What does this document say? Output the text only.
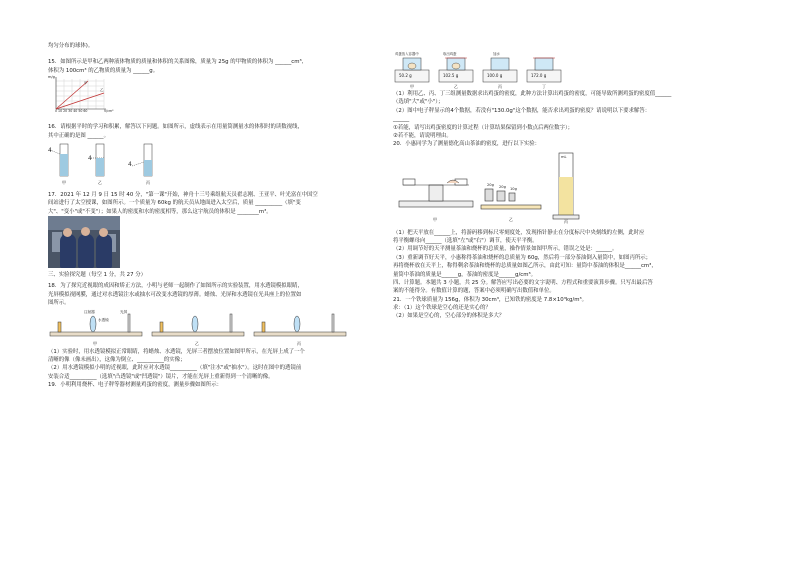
均匀分布的球体)。

15．如图所示是甲和乙两种液体物质的质量和体积的关系图像，质量为 25g 的甲物质的体积为 ______cm³,

体积为 100cm³ 的乙物质的质量为 ______g。

甲
乙
m/g
0 10 20 30 40 50 60	V/cm³

16．请根据平时的学习和积累，解答以下问题。如图所示，虚线表示在用量筒测量水的体积时的读数视线，

其中正确的是图 ______。

4
4
4
甲	乙	丙

17．2021 年 12 月 9 日 15 时 40 分，"第一课"开始，神舟十三号乘组航天员翟志刚、王亚平、叶光富在中国空

间站进行了太空授课，如图所示。一个质量为 60kg 的航天员从地面进入太空后，质量 __________（填"变

大"、"变小"或"不变"）；如果人的密度和水的密度相等，那么这宇航员的体积是 ________m³。

三、实验探究题（每空 1 分，共 27 分）

18．为了探究近视眼的成因和矫正方法，小明与老师一起制作了如图所示的实验装置，用水透镜模拟眼睛，

光屏模拟视网膜，通过对水透镜注水或抽水可改变水透镜的厚薄。蜡烛、光屏和水透镜在光具座上的位置如

图所示。

注射器	光屏
水透镜
甲	乙	丙

（1）实验时，用水透镜模拟正常眼睛，将蜡烛、水透镜，光屏三者摆放位置如图甲所示，在光屏上成了一个

清晰的像（像未画出），这像为倒立、__________的实像；

（2）用水透镜模拟小明的近视眼，此时应对水透镜__________（填"注水"或"抽水"）。这时在图中的透镜前

安装合适__________（选填"凸透镜"或"凹透镜"）镜片，才能在光屏上重新得到一个清晰的像。

19．小明利用烧杯、电子秤等器材测量鸡蛋的密度，测量步骤如图所示：

50.2 g	102.5 g	100.0 g	172.0 g
鸡蛋放入容器中	取出鸡蛋	加水
甲	乙	丙	丁

（1）利用乙、丙、丁三组测量数据求出鸡蛋的密度，此种方法计算出鸡蛋的密度，可能导致所测鸡蛋的密度值______

（选填"大"或"小"）；

（2）图中电子秤显示的4个数据，若没有"130.0g"这个数据，能否求出鸡蛋的密度？请说明以下要求解答：

______

①若能，请写出鸡蛋密度的计算过程（计算结果保留到小数点后两位数字）；

②若不能，请说明理由。

20．小惠同学为了测量德化高山茶油的密度，进行以下实验：

20g 20g 10g
mL
甲	乙	丙

（1）把天平放在______上，将游码移到标尺零刻度处，发现指针静止在分度标尺中央刻线的左侧，此时应

将平衡螺母向______（选填"左"或"右"）调节，使天平平衡。

（2）用调节好的天平测量茶油和烧杯的总质量，操作情景如图甲所示，错误之处是：______。

（3）重新调节好天平，小惠称得茶油和烧杯的总质量为 60g，然后将一部分茶油倒入量筒中，如图丙所示；

再将烧杯放在天平上，称得剩余茶油和烧杯的总质量如图乙所示，由此可知：量筒中茶油的体积是______cm³，

量筒中茶油的质量是______g，茶油的密度是______g/cm³。

四、计算题。本题共 3 小题，共 25 分。解答应写出必要的文字说明、方程式和重要演算步骤。只写出最后答

案的不能得分。有数值计算的题，答案中必须明确写出数值和单位。

21．一个铁球质量为 156g，体积为 30cm³，已知铁的密度是 7.8×10³kg/m³。

求：（1）这个铁球是空心的还是实心的？

（2）如果是空心的，空心部分的体积是多大？
